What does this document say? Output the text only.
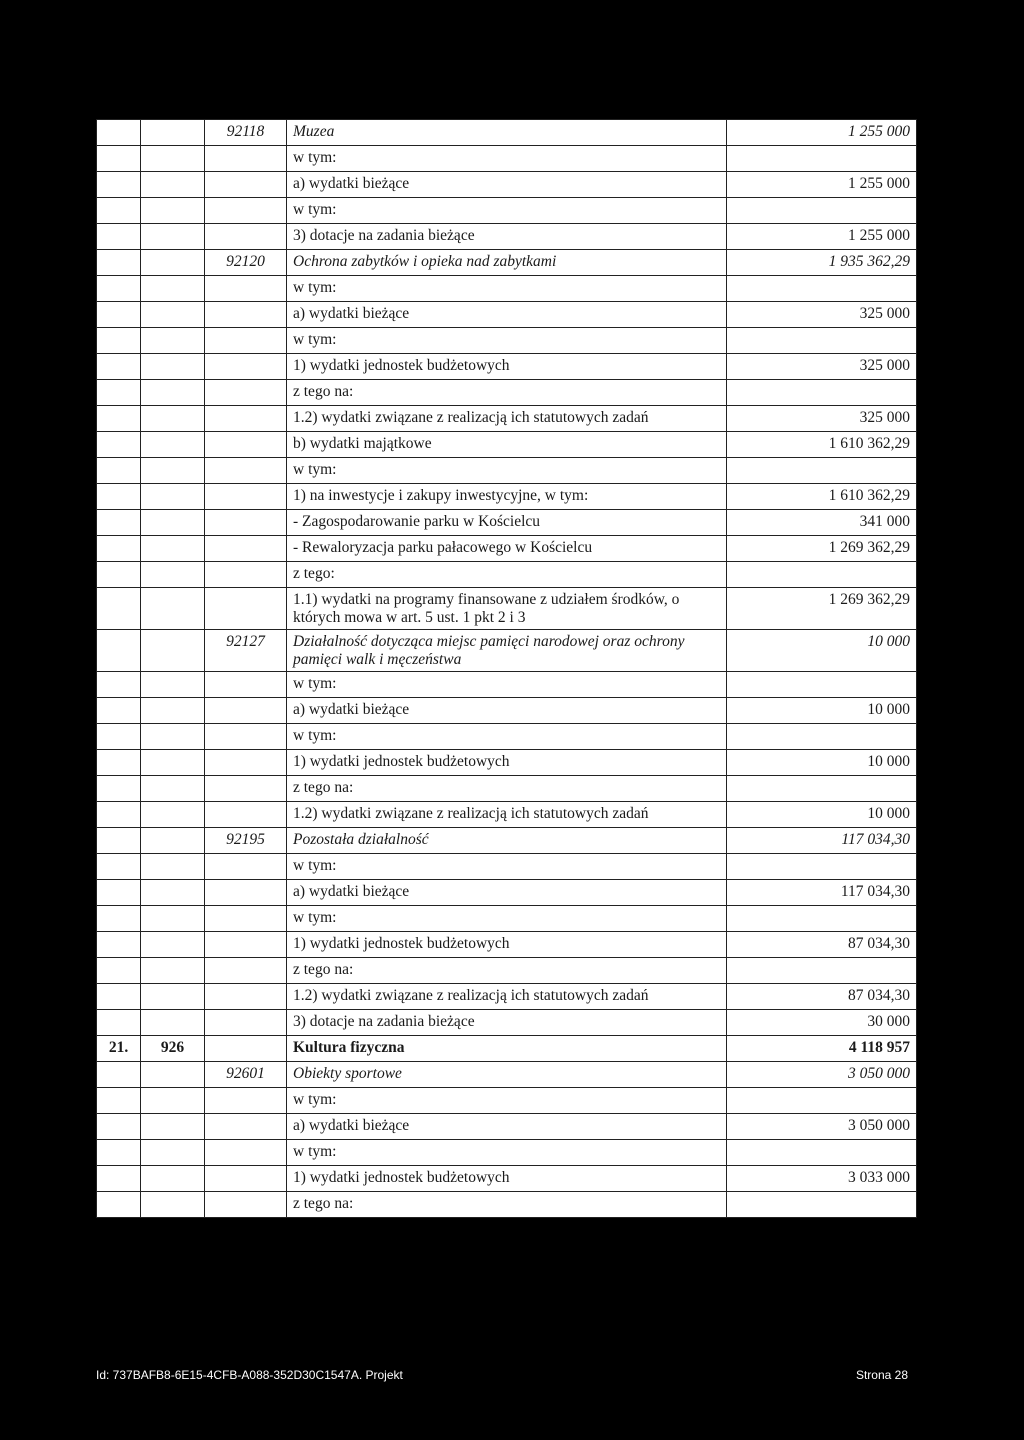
		92118	Muzea	1 255 000
			w tym:	
			a) wydatki bieżące	1 255 000
			w tym:	
			3) dotacje na zadania bieżące	1 255 000
		92120	Ochrona zabytków i opieka nad zabytkami	1 935 362,29
			w tym:	
			a) wydatki bieżące	325 000
			w tym:	
			1) wydatki jednostek budżetowych	325 000
			z tego na:	
			1.2) wydatki związane z realizacją ich statutowych zadań	325 000
			b) wydatki majątkowe	1 610 362,29
			w tym:	
			1) na inwestycje i zakupy inwestycyjne, w tym:	1 610 362,29
			- Zagospodarowanie parku w Kościelcu	341 000
			- Rewaloryzacja parku pałacowego w Kościelcu	1 269 362,29
			z tego:	
			1.1) wydatki na programy finansowane z udziałem środków, o których mowa w art. 5 ust. 1 pkt 2 i 3	1 269 362,29
		92127	Działalność dotycząca miejsc pamięci narodowej oraz ochrony pamięci walk i męczeństwa	10 000
			w tym:	
			a) wydatki bieżące	10 000
			w tym:	
			1) wydatki jednostek budżetowych	10 000
			z tego na:	
			1.2) wydatki związane z realizacją ich statutowych zadań	10 000
		92195	Pozostała działalność	117 034,30
			w tym:	
			a) wydatki bieżące	117 034,30
			w tym:	
			1) wydatki jednostek budżetowych	87 034,30
			z tego na:	
			1.2) wydatki związane z realizacją ich statutowych zadań	87 034,30
			3) dotacje na zadania bieżące	30 000
21.	926		Kultura fizyczna	4 118 957
		92601	Obiekty sportowe	3 050 000
			w tym:	
			a) wydatki bieżące	3 050 000
			w tym:	
			1) wydatki jednostek budżetowych	3 033 000
			z tego na:	
Id: 737BAFB8-6E15-4CFB-A088-352D30C1547A. Projekt	Strona 28
